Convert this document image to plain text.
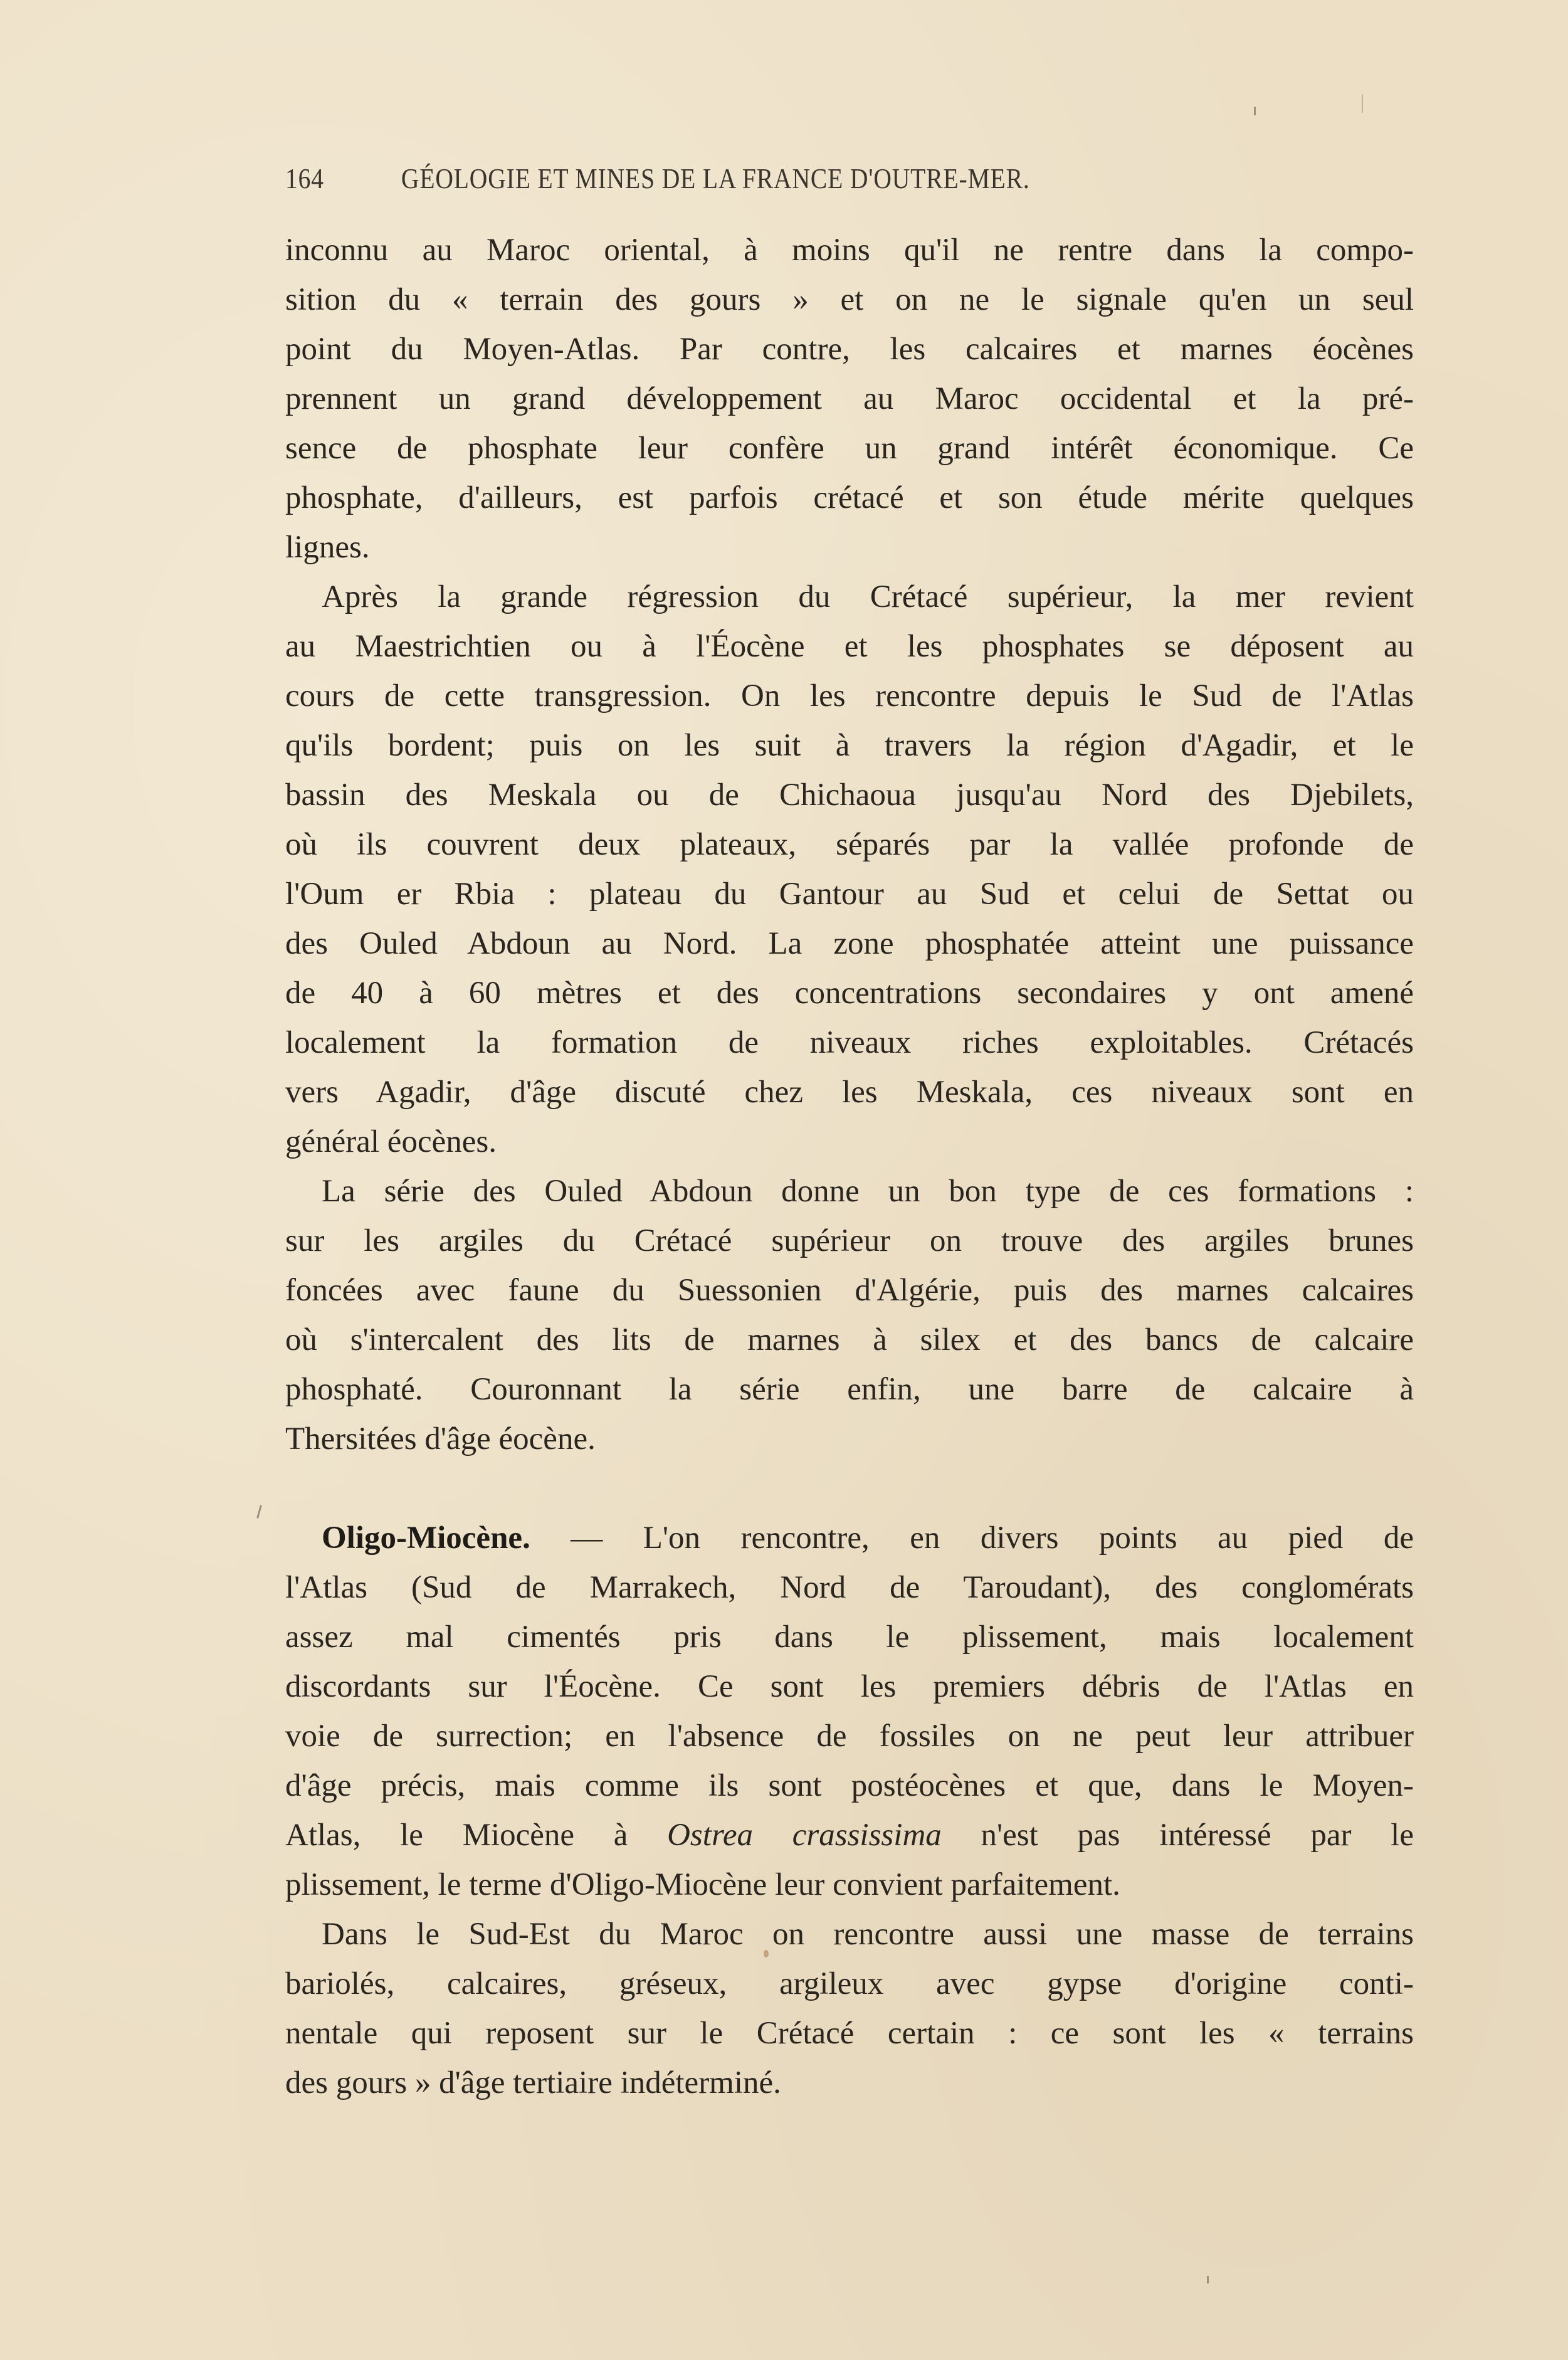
164	GÉOLOGIE ET MINES DE LA FRANCE D'OUTRE-MER.
inconnu au Maroc oriental, à moins qu'il ne rentre dans la compo-
sition du « terrain des gours » et on ne le signale qu'en un seul
point du Moyen-Atlas. Par contre, les calcaires et marnes éocènes
prennent un grand développement au Maroc occidental et la pré-
sence de phosphate leur confère un grand intérêt économique. Ce
phosphate, d'ailleurs, est parfois crétacé et son étude mérite quelques
lignes.
Après la grande régression du Crétacé supérieur, la mer revient
au Maestrichtien ou à l'Éocène et les phosphates se déposent au
cours de cette transgression. On les rencontre depuis le Sud de l'Atlas
qu'ils bordent; puis on les suit à travers la région d'Agadir, et le
bassin des Meskala ou de Chichaoua jusqu'au Nord des Djebilets,
où ils couvrent deux plateaux, séparés par la vallée profonde de
l'Oum er Rbia : plateau du Gantour au Sud et celui de Settat ou
des Ouled Abdoun au Nord. La zone phosphatée atteint une puissance
de 40 à 60 mètres et des concentrations secondaires y ont amené
localement la formation de niveaux riches exploitables. Crétacés
vers Agadir, d'âge discuté chez les Meskala, ces niveaux sont en
général éocènes.
La série des Ouled Abdoun donne un bon type de ces formations :
sur les argiles du Crétacé supérieur on trouve des argiles brunes
foncées avec faune du Suessonien d'Algérie, puis des marnes calcaires
où s'intercalent des lits de marnes à silex et des bancs de calcaire
phosphaté. Couronnant la série enfin, une barre de calcaire à
Thersitées d'âge éocène.
Oligo-Miocène. — L'on rencontre, en divers points au pied de
l'Atlas (Sud de Marrakech, Nord de Taroudant), des conglomérats
assez mal cimentés pris dans le plissement, mais localement
discordants sur l'Éocène. Ce sont les premiers débris de l'Atlas en
voie de surrection; en l'absence de fossiles on ne peut leur attribuer
d'âge précis, mais comme ils sont postéocènes et que, dans le Moyen-
Atlas, le Miocène à Ostrea crassissima n'est pas intéressé par le
plissement, le terme d'Oligo-Miocène leur convient parfaitement.
Dans le Sud-Est du Maroc on rencontre aussi une masse de terrains
bariolés, calcaires, gréseux, argileux avec gypse d'origine conti-
nentale qui reposent sur le Crétacé certain : ce sont les « terrains
des gours » d'âge tertiaire indéterminé.
